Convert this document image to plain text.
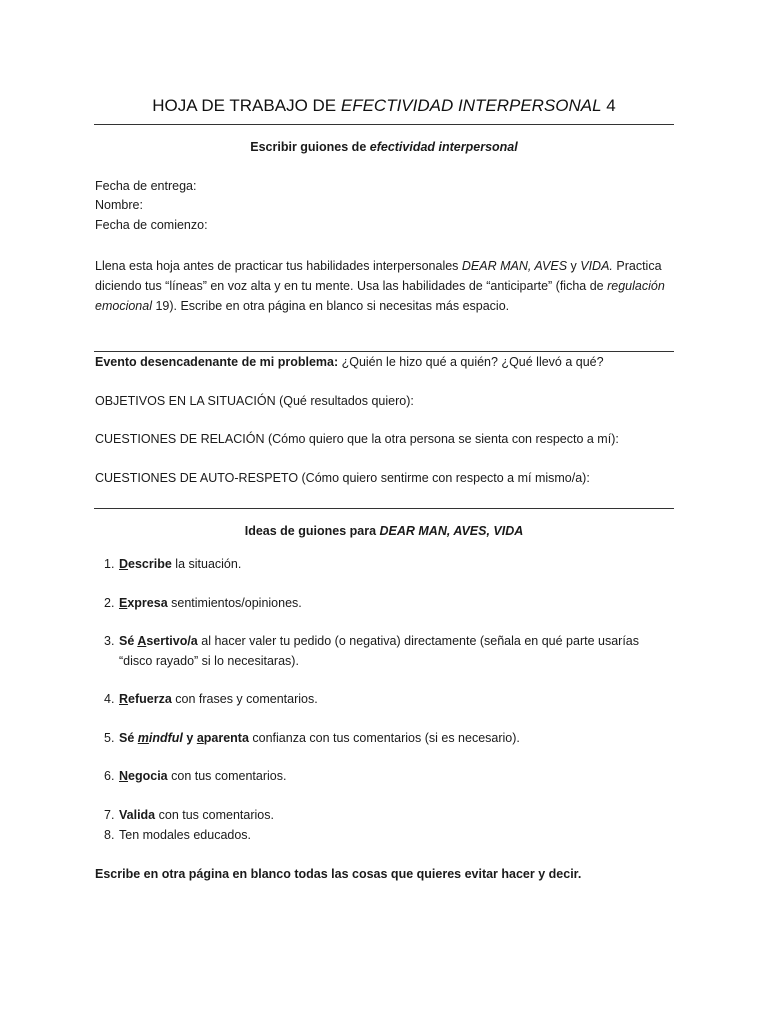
HOJA DE TRABAJO DE EFECTIVIDAD INTERPERSONAL 4
Escribir guiones de efectividad interpersonal
Fecha de entrega:
Nombre:
Fecha de comienzo:
Llena esta hoja antes de practicar tus habilidades interpersonales DEAR MAN, AVES y VIDA. Practica diciendo tus “líneas” en voz alta y en tu mente. Usa las habilidades de “anticiparte” (ficha de regulación emocional 19). Escribe en otra página en blanco si necesitas más espacio.
Evento desencadenante de mi problema: ¿Quién le hizo qué a quién? ¿Qué llevó a qué?
OBJETIVOS EN LA SITUACIÓN (Qué resultados quiero):
CUESTIONES DE RELACIÓN (Cómo quiero que la otra persona se sienta con respecto a mí):
CUESTIONES DE AUTO-RESPETO (Cómo quiero sentirme con respecto a mí mismo/a):
Ideas de guiones para DEAR MAN, AVES, VIDA
1. Describe la situación.
2. Expresa sentimientos/opiniones.
3. Sé Asertivo/a al hacer valer tu pedido (o negativa) directamente (señala en qué parte usarías
“disco rayado” si lo necesitaras).
4. Refuerza con frases y comentarios.
5. Sé mindful y aparenta confianza con tus comentarios (si es necesario).
6. Negocia con tus comentarios.
7. Valida con tus comentarios.
8. Ten modales educados.
Escribe en otra página en blanco todas las cosas que quieres evitar hacer y decir.
